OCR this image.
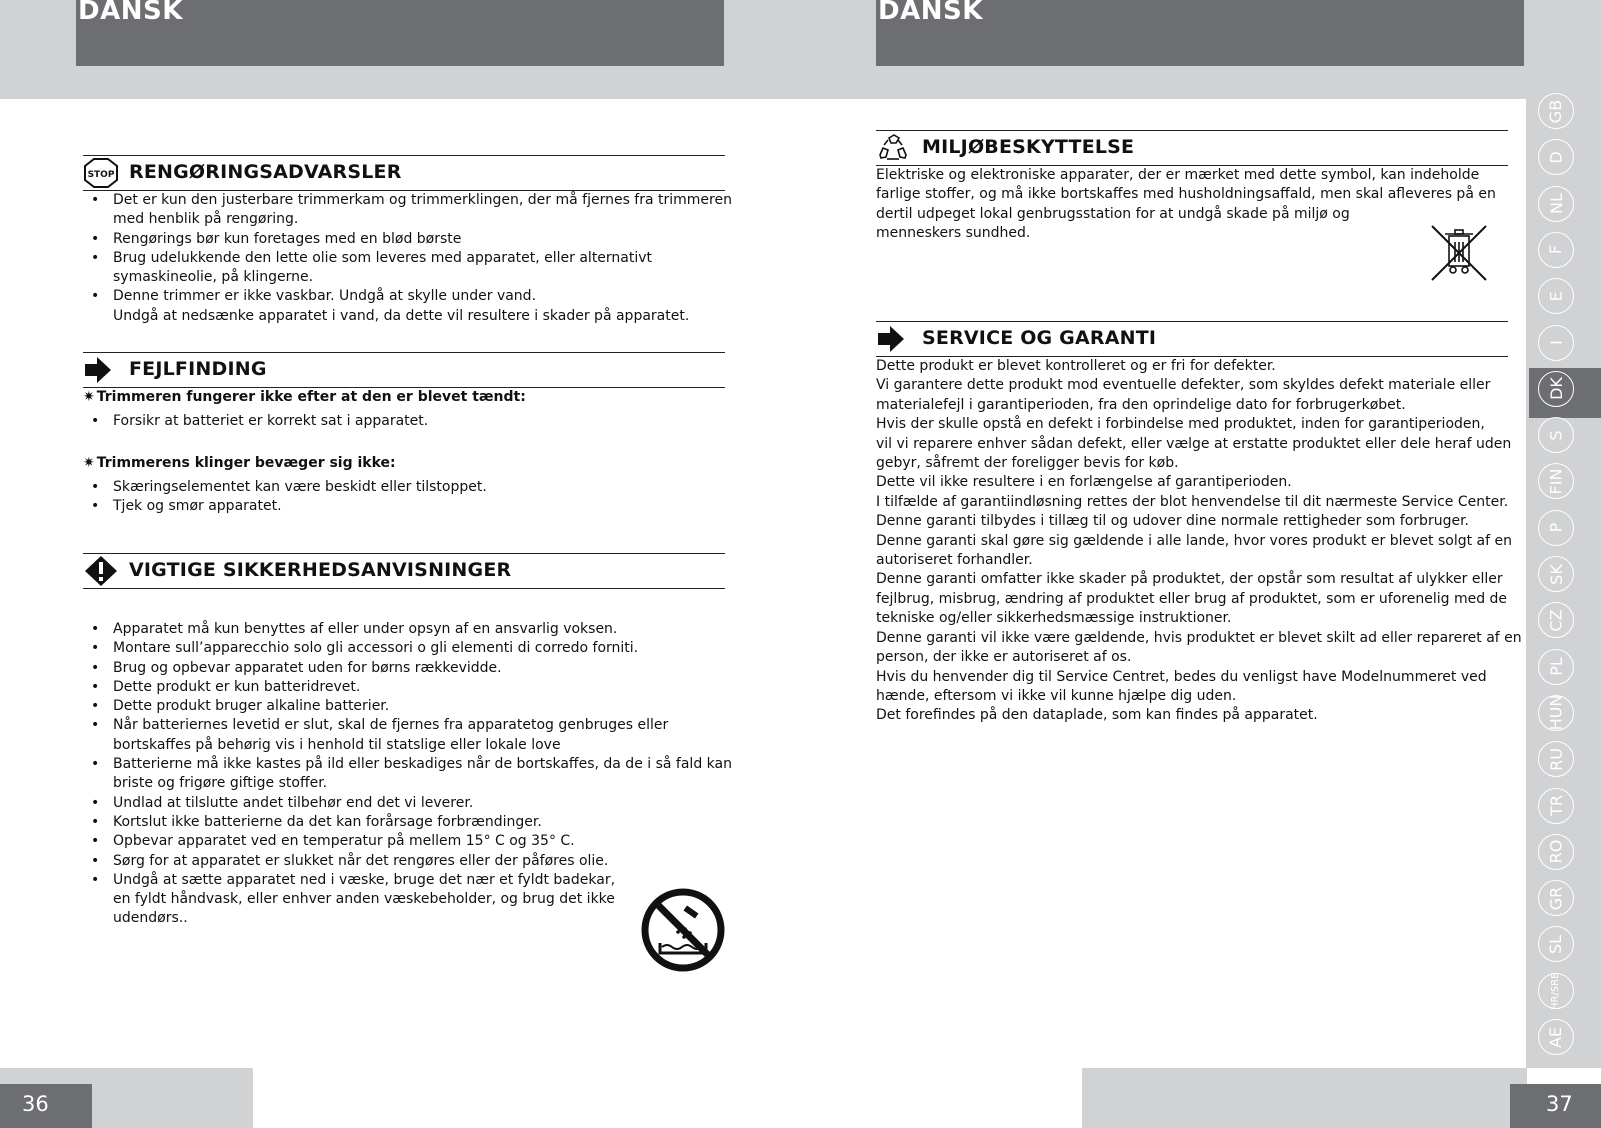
DANSK	DANSK
STOP RENGØRINGSADVARSLER
• Det er kun den justerbare trimmerkam og trimmerklingen, der må fjernes fra trimmeren
med henblik på rengøring.
• Rengørings bør kun foretages med en blød børste
• Brug udelukkende den lette olie som leveres med apparatet, eller alternativt
symaskineolie, på klingerne.
• Denne trimmer er ikke vaskbar. Undgå at skylle under vand.
Undgå at nedsænke apparatet i vand, da dette vil resultere i skader på apparatet.
FEJLFINDING
✷ Trimmeren fungerer ikke efter at den er blevet tændt:
• Forsikr at batteriet er korrekt sat i apparatet.
✷ Trimmerens klinger bevæger sig ikke:
• Skæringselementet kan være beskidt eller tilstoppet.
• Tjek og smør apparatet.
VIGTIGE SIKKERHEDSANVISNINGER
• Apparatet må kun benyttes af eller under opsyn af en ansvarlig voksen.
• Montare sull’apparecchio solo gli accessori o gli elementi di corredo forniti.
• Brug og opbevar apparatet uden for børns rækkevidde.
• Dette produkt er kun batteridrevet.
• Dette produkt bruger alkaline batterier.
• Når batteriernes levetid er slut, skal de fjernes fra apparatetog genbruges eller
bortskaffes på behørig vis i henhold til statslige eller lokale love
• Batterierne må ikke kastes på ild eller beskadiges når de bortskaffes, da de i så fald kan
briste og frigøre giftige stoffer.
• Undlad at tilslutte andet tilbehør end det vi leverer.
• Kortslut ikke batterierne da det kan forårsage forbrændinger.
• Opbevar apparatet ved en temperatur på mellem 15° C og 35° C.
• Sørg for at apparatet er slukket når det rengøres eller der påføres olie.
• Undgå at sætte apparatet ned i væske, bruge det nær et fyldt badekar,
en fyldt håndvask, eller enhver anden væskebeholder, og brug det ikke
udendørs..
MILJØBESKYTTELSE
Elektriske og elektroniske apparater, der er mærket med dette symbol, kan indeholde
farlige stoffer, og må ikke bortskaffes med husholdningsaffald, men skal afleveres på en
dertil udpeget lokal genbrugsstation for at undgå skade på miljø og
menneskers sundhed.
SERVICE OG GARANTI
Dette produkt er blevet kontrolleret og er fri for defekter.
Vi garantere dette produkt mod eventuelle defekter, som skyldes defekt materiale eller
materialefejl i garantiperioden, fra den oprindelige dato for forbrugerkøbet.
Hvis der skulle opstå en defekt i forbindelse med produktet, inden for garantiperioden,
vil vi reparere enhver sådan defekt, eller vælge at erstatte produktet eller dele heraf uden
gebyr, såfremt der foreligger bevis for køb.
Dette vil ikke resultere i en forlængelse af garantiperioden.
I tilfælde af garantiindløsning rettes der blot henvendelse til dit nærmeste Service Center.
Denne garanti tilbydes i tillæg til og udover dine normale rettigheder som forbruger.
Denne garanti skal gøre sig gældende i alle lande, hvor vores produkt er blevet solgt af en
autoriseret forhandler.
Denne garanti omfatter ikke skader på produktet, der opstår som resultat af ulykker eller
fejlbrug, misbrug, ændring af produktet eller brug af produktet, som er uforenelig med de
tekniske og/eller sikkerhedsmæssige instruktioner.
Denne garanti vil ikke være gældende, hvis produktet er blevet skilt ad eller repareret af en
person, der ikke er autoriseret af os.
Hvis du henvender dig til Service Centret, bedes du venligst have Modelnummeret ved
hænde, eftersom vi ikke vil kunne hjælpe dig uden.
Det forefindes på den dataplade, som kan findes på apparatet.
GB
D
NL
F
E
I
DK
S
FIN
P
SK
CZ
PL
HUN
RU
TR
RO
GR
SL
HR/SRB
AE
36	37
